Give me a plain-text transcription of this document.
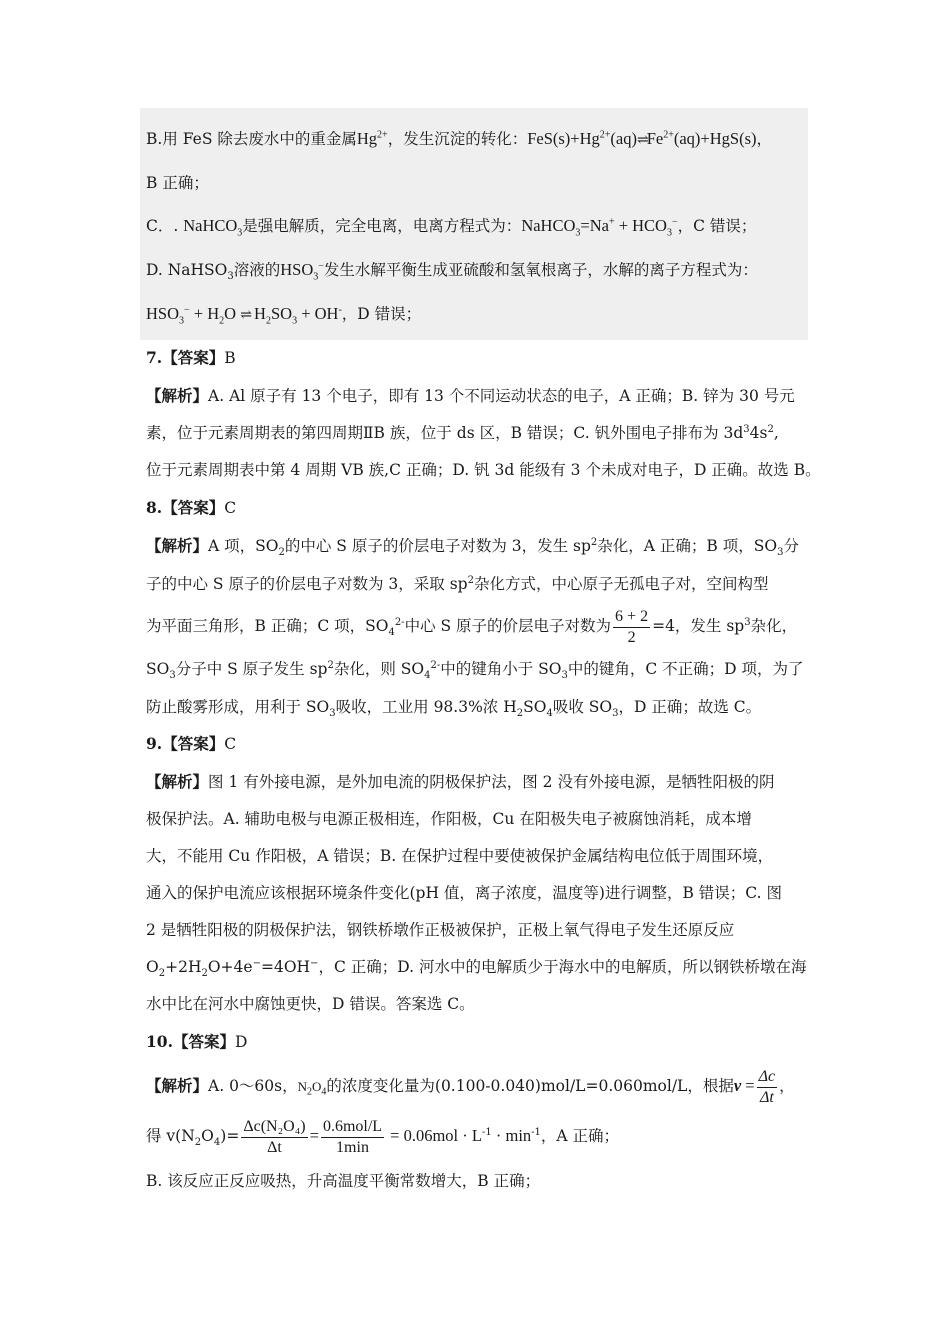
B.用 FeS 除去废水中的重金属$Hg^{2+}$，发生沉淀的转化：$FeS(s)+Hg^{2+}(aq)\rightleftharpoons Fe^{2+}(aq)+HgS(s)$，
B 正确；
C．. NaHCO$_3$是强电解质，完全电离，电离方程式为：NaHCO$_3$=Na+ + $HCO_3^-$，C 错误；
D. NaHSO$_3$溶液的$HSO_3^-$发生水解平衡生成亚硫酸和氢氧根离子，水解的离子方程式为：
$HSO_3^- + H_2O$ ⇌ $H_2SO_3 + OH^-$，D 错误；
7.【答案】B
【解析】A. Al 原子有 13 个电子，即有 13 个不同运动状态的电子，A 正确；B. 锌为 30 号元
素，位于元素周期表的第四周期ⅡB 族，位于 ds 区，B 错误；C. 钒外围电子排布为 $3d^34s^2$,
位于元素周期表中第 4 周期 VB 族,C 正确；D. 钒 3d 能级有 3 个未成对电子，D 正确。故选 B。
8.【答案】C
【解析】A 项，$SO_2$的中心 S 原子的价层电子对数为 3，发生 $sp^2$杂化，A 正确；B 项，$SO_3$分
子的中心 S 原子的价层电子对数为 3，采取 $sp^2$杂化方式，中心原子无孤电子对，空间构型
为平面三角形，B 正确；C 项，$SO_4^{2-}$中心 S 原子的价层电子对数为 $\frac{6 + 2}{2} =4$，发生 $sp^3$杂化，
$SO_3$分子中 S 原子发生 $sp^2$杂化，则 $SO_4^{2-}$中的键角小于 $SO_3$中的键角，C 不正确；D 项，为了
防止酸雾形成，用利于 $SO_3$吸收，工业用 98.3%浓 $H_2SO_4$吸收 $SO_3$，D 正确；故选 C。
9.【答案】C
【解析】图 1 有外接电源，是外加电流的阴极保护法，图 2 没有外接电源，是牺牲阳极的阴
极保护法。A. 辅助电极与电源正极相连，作阳极，Cu 在阳极失电子被腐蚀消耗，成本增
大，不能用 Cu 作阳极，A 错误；B. 在保护过程中要使被保护金属结构电位低于周围环境，
通入的保护电流应该根据环境条件变化(pH 值，离子浓度，温度等)进行调整，B 错误；C. 图
2 是牺牲阳极的阴极保护法，钢铁桥墩作正极被保护，正极上氧气得电子发生还原反应
$O_2+2H_2O+4e^-=4OH^-$，C 正确；D. 河水中的电解质少于海水中的电解质，所以钢铁桥墩在海
水中比在河水中腐蚀更快，D 错误。答案选 C。
10.【答案】D
【解析】A. 0～60s，$N_2O_4$的浓度变化量为(0.100-0.040)mol/L=0.060mol/L，根据$v = \frac{\Delta c}{\Delta t}$ ，
得 $v(N_2O_4)= \frac{\text{Δc(N₂O₄)}}{\Delta t} = \frac{\text{0.6mol/L}}{1\min} = 0.06mol \cdot L^{-1} \cdot \min^{-1}$，A 正确；
B. 该反应正反应吸热，升高温度平衡常数增大，B 正确；
